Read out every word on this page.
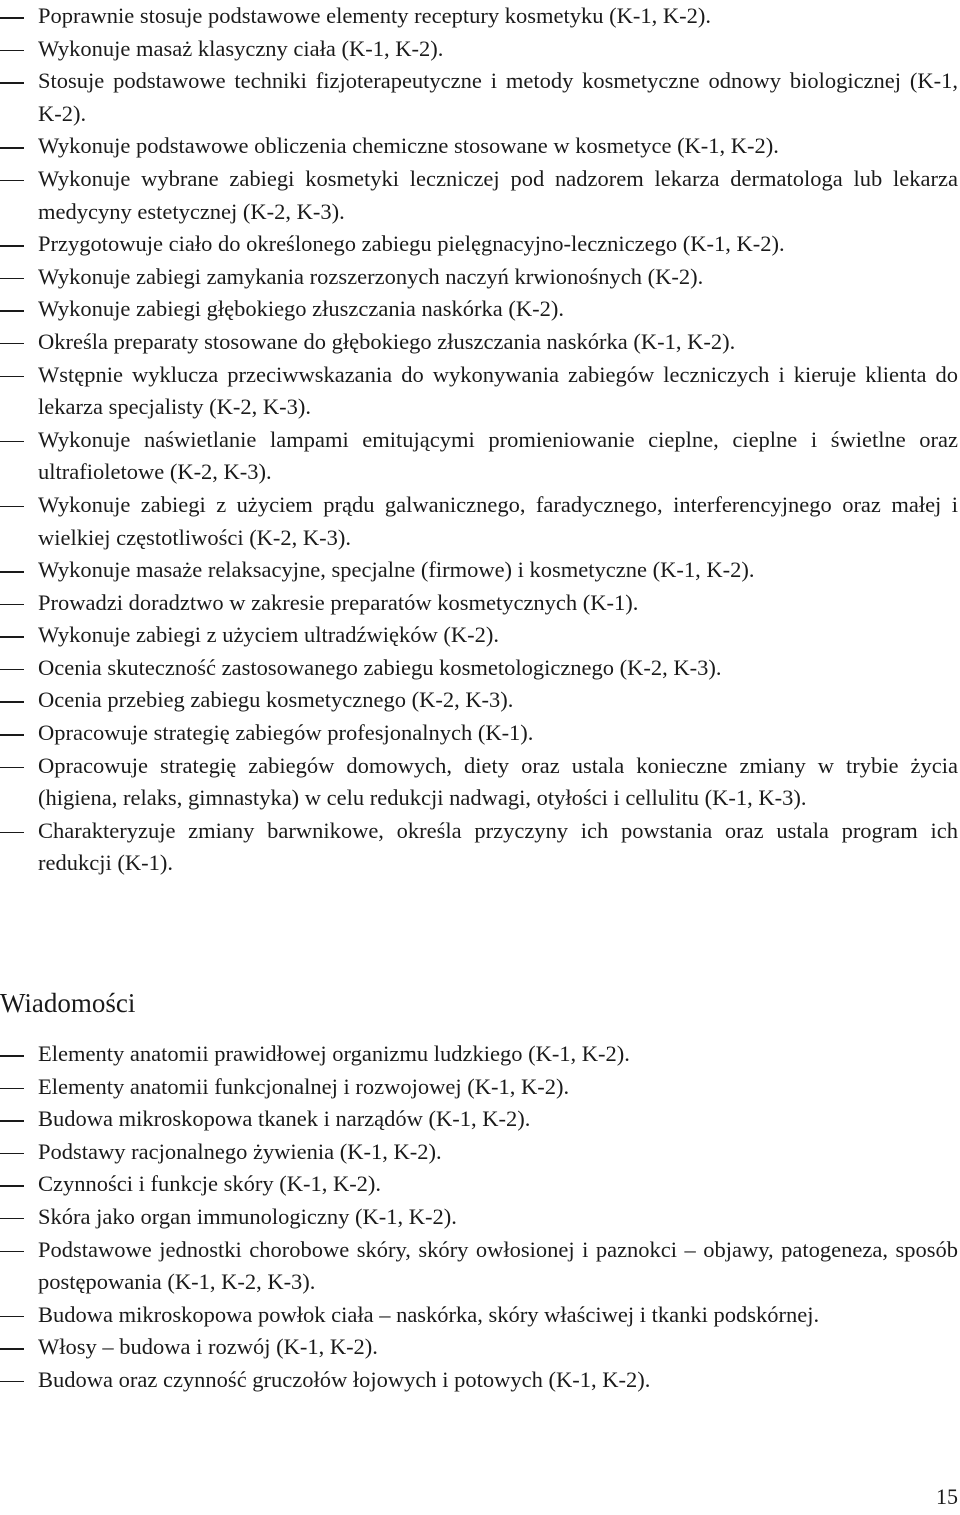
Poprawnie stosuje podstawowe elementy receptury kosmetyku (K-1, K-2).
Wykonuje masaż klasyczny ciała (K-1, K-2).
Stosuje podstawowe techniki fizjoterapeutyczne i metody kosmetyczne odnowy biologicznej (K-1, K-2).
Wykonuje podstawowe obliczenia chemiczne stosowane w kosmetyce (K-1, K-2).
Wykonuje wybrane zabiegi kosmetyki leczniczej pod nadzorem lekarza dermatologa lub lekarza medycyny estetycznej (K-2, K-3).
Przygotowuje ciało do określonego zabiegu pielęgnacyjno-leczniczego (K-1, K-2).
Wykonuje zabiegi zamykania rozszerzonych naczyń krwionośnych (K-2).
Wykonuje zabiegi głębokiego złuszczania naskórka (K-2).
Określa preparaty stosowane do głębokiego złuszczania naskórka (K-1, K-2).
Wstępnie wyklucza przeciwwskazania do wykonywania zabiegów leczniczych i kieruje klienta do lekarza specjalisty (K-2, K-3).
Wykonuje naświetlanie lampami emitującymi promieniowanie cieplne, cieplne i świetlne oraz ultrafioletowe (K-2, K-3).
Wykonuje zabiegi z użyciem prądu galwanicznego, faradycznego, interferencyjnego oraz małej i wielkiej częstotliwości (K-2, K-3).
Wykonuje masaże relaksacyjne, specjalne (firmowe) i kosmetyczne (K-1, K-2).
Prowadzi doradztwo w zakresie preparatów kosmetycznych (K-1).
Wykonuje zabiegi z użyciem ultradźwięków (K-2).
Ocenia skuteczność zastosowanego zabiegu kosmetologicznego (K-2, K-3).
Ocenia przebieg zabiegu kosmetycznego (K-2, K-3).
Opracowuje strategię zabiegów profesjonalnych (K-1).
Opracowuje strategię zabiegów domowych, diety oraz ustala konieczne zmiany w trybie życia (higiena, relaks, gimnastyka) w celu redukcji nadwagi, otyłości i cellulitu (K-1, K-3).
Charakteryzuje zmiany barwnikowe, określa przyczyny ich powstania oraz ustala program ich redukcji (K-1).
Wiadomości
Elementy anatomii prawidłowej organizmu ludzkiego (K-1, K-2).
Elementy anatomii funkcjonalnej i rozwojowej (K-1, K-2).
Budowa mikroskopowa tkanek i narządów (K-1, K-2).
Podstawy racjonalnego żywienia (K-1, K-2).
Czynności i funkcje skóry (K-1, K-2).
Skóra jako organ immunologiczny (K-1, K-2).
Podstawowe jednostki chorobowe skóry, skóry owłosionej i paznokci – objawy, patogeneza, sposób postępowania (K-1, K-2, K-3).
Budowa mikroskopowa powłok ciała – naskórka, skóry właściwej i tkanki podskórnej.
Włosy – budowa i rozwój (K-1, K-2).
Budowa oraz czynność gruczołów łojowych i potowych (K-1, K-2).
15
